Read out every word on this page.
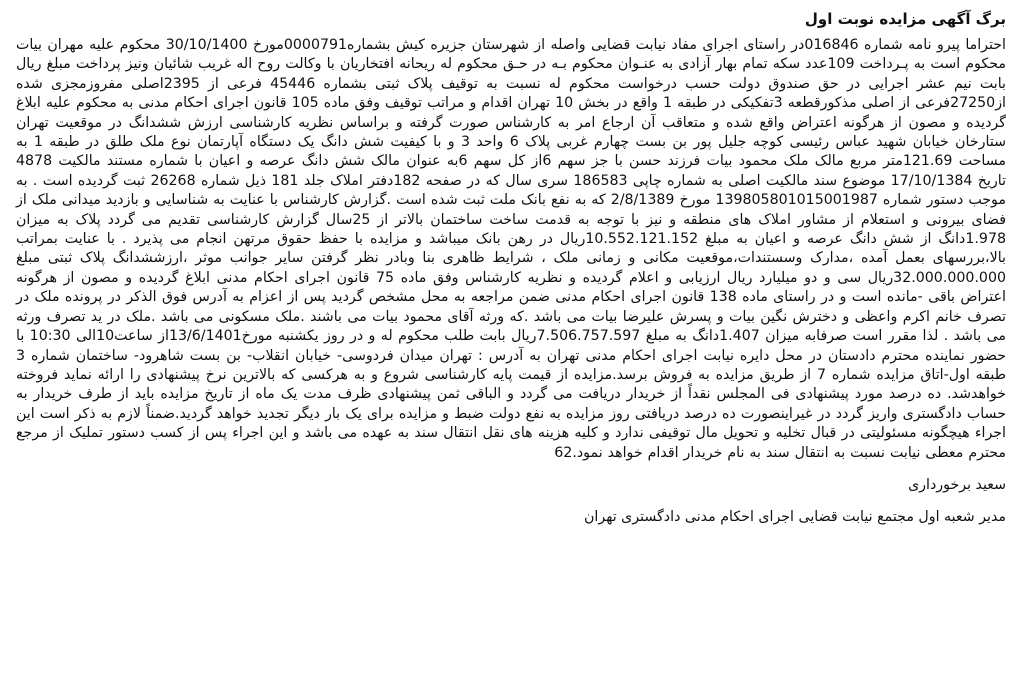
برگ آگهی مزایده نوبت اول

احتراما پیرو نامه شماره 016846در راستای اجرای مفاد نیابت قضایی واصله از شهرستان جزیره کیش بشماره0000791مورخ 30/10/1400 محکوم علیه مهران بیات محکوم است به پـرداخت 109عدد سکه تمام بهار آزادی به عنـوان محکوم بـه در حـق محکوم له ریحانه افتخاریان با وکالت روح اله غریب شائیان ونیز پرداخت مبلغ ریال بابت نیم عشر اجرایی در حق صندوق دولت حسب درخواست محکوم له نسبت به توقیف پلاک ثبتی بشماره 45446 فرعی از 2395اصلی مفروزمجزی شده از27250فرعی از اصلی مذکورقطعه 3تفکیکی در طبقه 1 واقع در بخش 10 تهران اقدام و مراتب توقیف وفق ماده 105 قانون اجرای احکام مدنی به محکوم علیه ابلاغ گردیده و مصون از هرگونه اعتراض واقع شده و متعاقب آن ارجاع امر به کارشناس صورت گرفته و براساس نظریه کارشناسی ارزش ششدانگ در موقعیت تهران ستارخان خیابان شهید عباس رئیسی کوچه جلیل پور بن بست چهارم غربی پلاک 6 واحد 3 و با کیفیت شش دانگ یک دستگاه آپارتمان نوع ملک طلق در طبقه 1 به مساحت 121.69متر مربع مالک ملک محمود بیات فرزند حسن با جز سهم 6از کل سهم 6به عنوان مالک شش دانگ عرصه و اعیان با شماره مستند مالکیت 4878 تاریخ 17/10/1384 موضوع سند مالکیت اصلی به شماره چاپی 186583 سری سال که در صفحه 182دفتر املاک جلد 181 ذیل شماره 26268 ثبت گردیده است . به موجب دستور شماره 139805801015001987 مورخ 2/8/1389 که به نفع بانک ملت ثبت شده است .گزارش کارشناس با عنایت به شناسایی و بازدید میدانی ملک از فضای بیرونی و استعلام از مشاور املاک های منطقه و نیز با توجه به قدمت ساخت ساختمان بالاتر از 25سال گزارش کارشناسی تقدیم می گردد پلاک به میزان 1.978دانگ از شش دانگ عرصه و اعیان به مبلغ 10.552.121.152ریال در رهن بانک میباشد و مزایده با حفظ حقوق مرتهن انجام می پذیرد . با عنایت بمراتب بالا،بررسهای بعمل آمده ،مدارک وسستندات،موقعیت مکانی و زمانی ملک ، شرایط ظاهری بنا وبادر نظر گرفتن سایر جوانب موثر ،ارزششدانگ پلاک ثبتی مبلغ 32.000.000.000ریال سی و دو میلیارد ریال ارزیابی و اعلام گردیده و نظریه کارشناس وفق ماده 75 قانون اجرای احکام مدنی ابلاغ گردیده و مصون از هرگونه اعتراض باقی -مانده است و در راستای ماده 138 قانون اجرای احکام مدنی ضمن مراجعه به محل مشخص گردید پس از اعزام به آدرس فوق الذکر در پرونده ملک در تصرف خانم اکرم واعظی و دخترش نگین بیات و پسرش علیرضا بیات می باشد .که ورثه آقای محمود بیات می باشند .ملک مسکونی می باشد .ملک در ید تصرف ورثه می باشد . لذا مقرر است صرفابه میزان 1.407دانگ به مبلغ 7.506.757.597ریال بابت طلب محکوم له و در روز یکشنبه مورخ13/6/1401از ساعت10الی 10:30 با حضور نماینده محترم دادستان در محل دایره نیابت اجرای احکام مدنی تهران به آدرس : تهران میدان فردوسی- خیابان انقلاب- بن بست شاهرود- ساختمان شماره 3 طبقه اول-اتاق مزایده شماره 7 از طریق مزایده به فروش برسد.مزایده از قیمت پایه کارشناسی شروع و به هرکسی که بالاترین نرخ پیشنهادی را ارائه نماید فروخته خواهدشد. ده درصد مورد پیشنهادی فی المجلس نقداً از خریدار دریافت می گردد و الباقی ثمن پیشنهادی ظرف مدت یک ماه از تاریخ مزایده باید از طرف خریدار به حساب دادگستری واریز گردد در غیراینصورت ده درصد دریافتی روز مزایده به نفع دولت ضبط و مزایده برای یک بار دیگر تجدید خواهد گردید.ضمناً لازم به ذکر است این اجراء هیچگونه مسئولیتی در قبال تخلیه و تحویل مال توقیفی ندارد و کلیه هزینه های نقل انتقال سند به عهده می باشد و این اجراء پس از کسب دستور تملیک از مرجع محترم معطی نیابت نسبت به انتقال سند به نام خریدار اقدام خواهد نمود.62

سعید برخورداری
مدیر شعبه اول مجتمع نیابت قضایی اجرای احکام مدنی دادگستری تهران
